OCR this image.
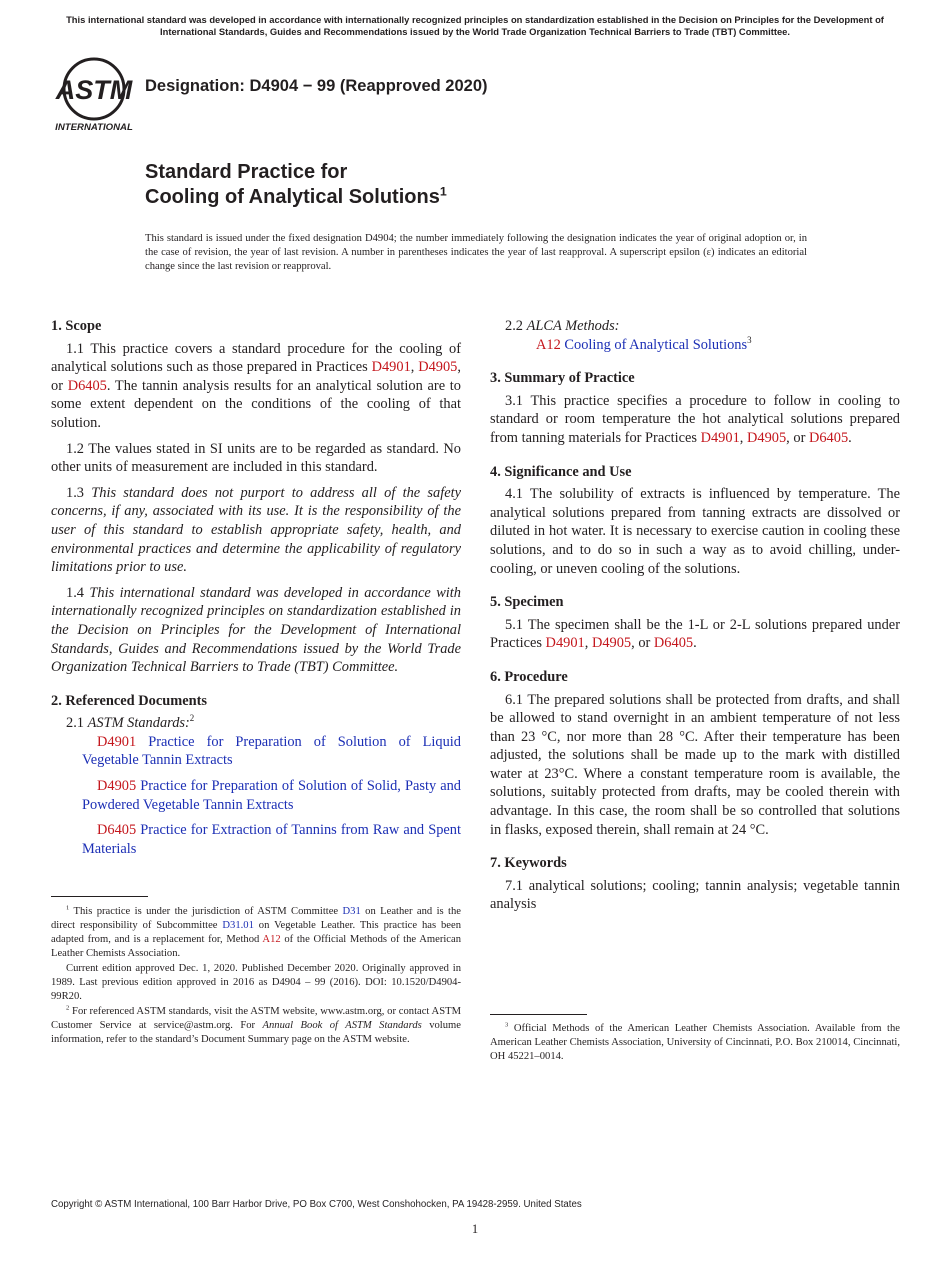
This international standard was developed in accordance with internationally recognized principles on standardization established in the Decision on Principles for the Development of International Standards, Guides and Recommendations issued by the World Trade Organization Technical Barriers to Trade (TBT) Committee.
ASTM
INTERNATIONAL
Designation: D4904 − 99 (Reapproved 2020)
Standard Practice for
Cooling of Analytical Solutions$^1$
This standard is issued under the fixed designation D4904; the number immediately following the designation indicates the year of original adoption or, in the case of revision, the year of last revision. A number in parentheses indicates the year of last reapproval. A superscript epsilon (ε) indicates an editorial change since the last revision or reapproval.
1. Scope

1.1 This practice covers a standard procedure for the cooling of analytical solutions such as those prepared in Practices D4901, D4905, or D6405. The tannin analysis results for an analytical solution are to some extent dependent on the conditions of the cooling of that solution.

1.2 The values stated in SI units are to be regarded as standard. No other units of measurement are included in this standard.

1.3 This standard does not purport to address all of the safety concerns, if any, associated with its use. It is the responsibility of the user of this standard to establish appropriate safety, health, and environmental practices and determine the applicability of regulatory limitations prior to use.

1.4 This international standard was developed in accordance with internationally recognized principles on standardization established in the Decision on Principles for the Development of International Standards, Guides and Recommendations issued by the World Trade Organization Technical Barriers to Trade (TBT) Committee.

2. Referenced Documents

2.1 ASTM Standards:$^2$

D4901 Practice for Preparation of Solution of Liquid Vegetable Tannin Extracts

D4905 Practice for Preparation of Solution of Solid, Pasty and Powdered Vegetable Tannin Extracts

D6405 Practice for Extraction of Tannins from Raw and Spent Materials

$^1$ This practice is under the jurisdiction of ASTM Committee D31 on Leather and is the direct responsibility of Subcommittee D31.01 on Vegetable Leather. This practice has been adapted from, and is a replacement for, Method A12 of the Official Methods of the American Leather Chemists Association.

Current edition approved Dec. 1, 2020. Published December 2020. Originally approved in 1989. Last previous edition approved in 2016 as D4904 – 99 (2016). DOI: 10.1520/D4904-99R20.

$^2$ For referenced ASTM standards, visit the ASTM website, www.astm.org, or contact ASTM Customer Service at service@astm.org. For Annual Book of ASTM Standards volume information, refer to the standard’s Document Summary page on the ASTM website.

2.2 ALCA Methods:

A12 Cooling of Analytical Solutions$^3$

3. Summary of Practice

3.1 This practice specifies a procedure to follow in cooling to standard or room temperature the hot analytical solutions prepared from tanning materials for Practices D4901, D4905, or D6405.

4. Significance and Use

4.1 The solubility of extracts is influenced by temperature. The analytical solutions prepared from tanning extracts are dissolved or diluted in hot water. It is necessary to exercise caution in cooling these solutions, and to do so in such a way as to avoid chilling, under-cooling, or uneven cooling of the solutions.

5. Specimen

5.1 The specimen shall be the 1-L or 2-L solutions prepared under Practices D4901, D4905, or D6405.

6. Procedure

6.1 The prepared solutions shall be protected from drafts, and shall be allowed to stand overnight in an ambient temperature of not less than 23 °C, nor more than 28 °C. After their temperature has been adjusted, the solutions shall be made up to the mark with distilled water at 23°C. Where a constant temperature room is available, the solutions, suitably protected from drafts, may be cooled therein with advantage. In this case, the room shall be so controlled that solutions in flasks, exposed therein, shall remain at 24 °C.

7. Keywords

7.1 analytical solutions; cooling; tannin analysis; vegetable tannin analysis

$^3$ Official Methods of the American Leather Chemists Association. Available from the American Leather Chemists Association, University of Cincinnati, P.O. Box 210014, Cincinnati, OH 45221–0014.

Copyright © ASTM International, 100 Barr Harbor Drive, PO Box C700, West Conshohocken, PA 19428-2959. United States
1
